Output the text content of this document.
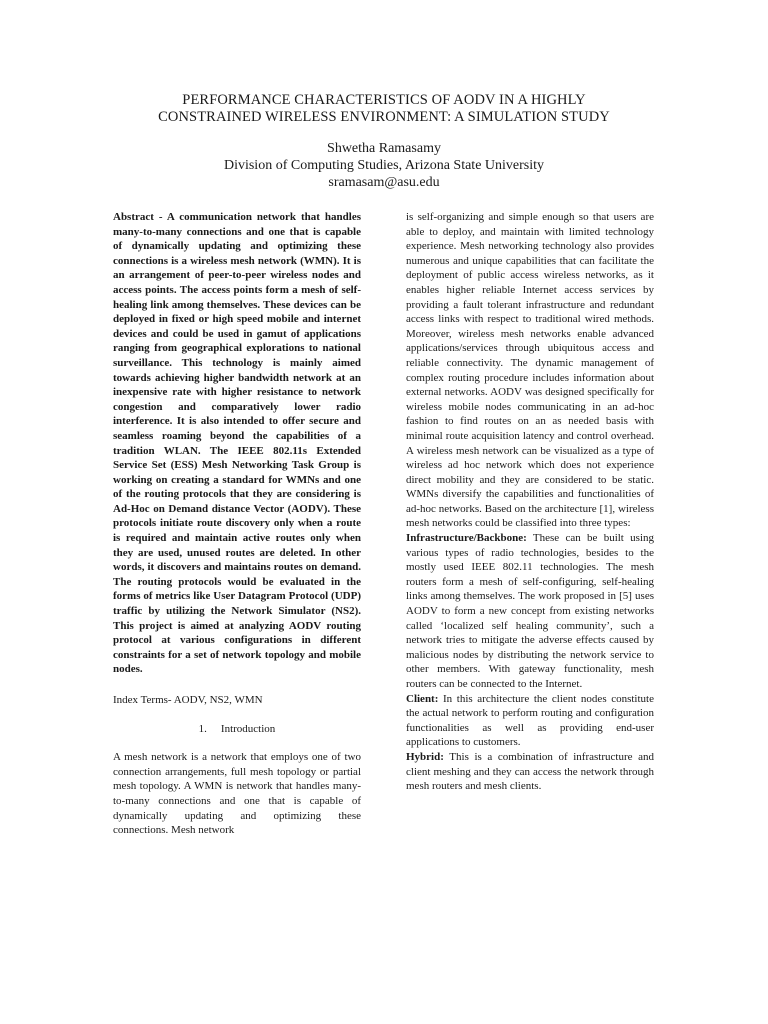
PERFORMANCE CHARACTERISTICS OF AODV IN A HIGHLY
CONSTRAINED WIRELESS ENVIRONMENT: A SIMULATION STUDY
Shwetha Ramasamy
Division of Computing Studies, Arizona State University
sramasam@asu.edu

Abstract - A communication network that handles many-to-many connections and one that is capable of dynamically updating and optimizing these connections is a wireless mesh network (WMN). It is an arrangement of peer-to-peer wireless nodes and access points. The access points form a mesh of self-healing link among themselves. These devices can be deployed in fixed or high speed mobile and internet devices and could be used in gamut of applications ranging from geographical explorations to national surveillance. This technology is mainly aimed towards achieving higher bandwidth network at an inexpensive rate with higher resistance to network congestion and comparatively lower radio interference. It is also intended to offer secure and seamless roaming beyond the capabilities of a tradition WLAN. The IEEE 802.11s Extended Service Set (ESS) Mesh Networking Task Group is working on creating a standard for WMNs and one of the routing protocols that they are considering is Ad-Hoc on Demand distance Vector (AODV). These protocols initiate route discovery only when a route is required and maintain active routes only when they are used, unused routes are deleted. In other words, it discovers and maintains routes on demand. The routing protocols would be evaluated in the forms of metrics like User Datagram Protocol (UDP) traffic by utilizing the Network Simulator (NS2). This project is aimed at analyzing AODV routing protocol at various configurations in different constraints for a set of network topology and mobile nodes.

Index Terms- AODV, NS2, WMN

1. Introduction

A mesh network is a network that employs one of two connection arrangements, full mesh topology or partial mesh topology. A WMN is network that handles many-to-many connections and one that is capable of dynamically updating and optimizing these connections. Mesh network

is self-organizing and simple enough so that users are able to deploy, and maintain with limited technology experience. Mesh networking technology also provides numerous and unique capabilities that can facilitate the deployment of public access wireless networks, as it enables higher reliable Internet access services by providing a fault tolerant infrastructure and redundant access links with respect to traditional wired methods. Moreover, wireless mesh networks enable advanced applications/services through ubiquitous access and reliable connectivity. The dynamic management of complex routing procedure includes information about external networks. AODV was designed specifically for wireless mobile nodes communicating in an ad-hoc fashion to find routes on an as needed basis with minimal route acquisition latency and control overhead. A wireless mesh network can be visualized as a type of wireless ad hoc network which does not experience direct mobility and they are considered to be static. WMNs diversify the capabilities and functionalities of ad-hoc networks. Based on the architecture [1], wireless mesh networks could be classified into three types:

Infrastructure/Backbone: These can be built using various types of radio technologies, besides to the mostly used IEEE 802.11 technologies. The mesh routers form a mesh of self-configuring, self-healing links among themselves. The work proposed in [5] uses AODV to form a new concept from existing networks called ‘localized self healing community’, such a network tries to mitigate the adverse effects caused by malicious nodes by distributing the network service to other members. With gateway functionality, mesh routers can be connected to the Internet.

Client: In this architecture the client nodes constitute the actual network to perform routing and configuration functionalities as well as providing end-user applications to customers.

Hybrid: This is a combination of infrastructure and client meshing and they can access the network through mesh routers and mesh clients.
